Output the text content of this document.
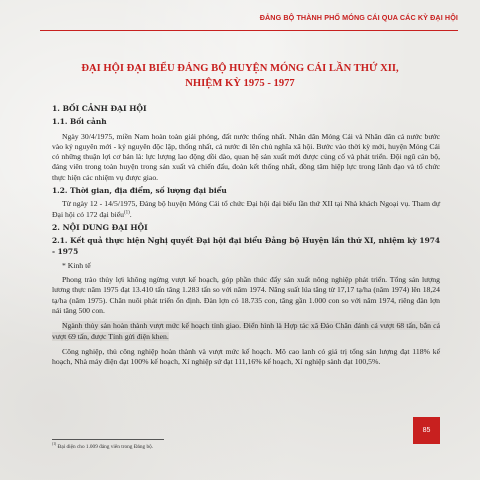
ĐẢNG BỘ THÀNH PHỐ MÓNG CÁI QUA CÁC KỲ ĐẠI HỘI
ĐẠI HỘI ĐẠI BIỂU ĐẢNG BỘ HUYỆN MÓNG CÁI LẦN THỨ XII,
NHIỆM KỲ 1975 - 1977

1. BỐI CẢNH ĐẠI HỘI

1.1. Bối cảnh

Ngày 30/4/1975, miền Nam hoàn toàn giải phóng, đất nước thống nhất. Nhân dân Móng Cái và Nhân dân cả nước bước vào kỷ nguyên mới - kỷ nguyên độc lập, thống nhất, cả nước đi lên chủ nghĩa xã hội. Bước vào thời kỳ mới, huyện Móng Cái có những thuận lợi cơ bản là: lực lượng lao động dồi dào, quan hệ sản xuất mới được củng cố và phát triển. Đội ngũ cán bộ, đảng viên trong toàn huyện trong sản xuất và chiến đấu, đoàn kết thống nhất, đồng tâm hiệp lực trong lãnh đạo và tổ chức thực hiện các nhiệm vụ được giao.

1.2. Thời gian, địa điểm, số lượng đại biểu

Từ ngày 12 - 14/5/1975, Đảng bộ huyện Móng Cái tổ chức Đại hội đại biểu lần thứ XII tại Nhà khách Ngoại vụ. Tham dự Đại hội có 172 đại biểu$^{(1)}$.

2. NỘI DUNG ĐẠI HỘI

2.1. Kết quả thực hiện Nghị quyết Đại hội đại biểu Đảng bộ Huyện lần thứ XI, nhiệm kỳ 1974 - 1975

* Kinh tế

Phong trào thủy lợi không ngừng vượt kế hoạch, góp phần thúc đẩy sản xuất nông nghiệp phát triển. Tổng sản lượng lương thực năm 1975 đạt 13.410 tấn tăng 1.283 tấn so với năm 1974. Năng suất lúa tăng từ 17,17 tạ/ha (năm 1974) lên 18,24 tạ/ha (năm 1975). Chăn nuôi phát triển ổn định. Đàn lợn có 18.735 con, tăng gần 1.000 con so với năm 1974, riêng đàn lợn nái tăng 500 con.

Ngành thủy sản hoàn thành vượt mức kế hoạch tỉnh giao. Điển hình là Hợp tác xã Đảo Chăn đánh cá vượt 68 tấn, bắn cá vượt 69 tấn, được Tỉnh gửi điện khen.

Công nghiệp, thủ công nghiệp hoàn thành và vượt mức kế hoạch. Mô cao lanh có giá trị tổng sản lượng đạt 118% kế hoạch, Nhà máy điện đạt 100% kế hoạch, Xí nghiệp sứ đạt 111,16% kế hoạch, Xí nghiệp sành đạt 100,5%.

$^{(1)}$ Đại diện cho 1.009 đảng viên trong Đảng bộ.
85
